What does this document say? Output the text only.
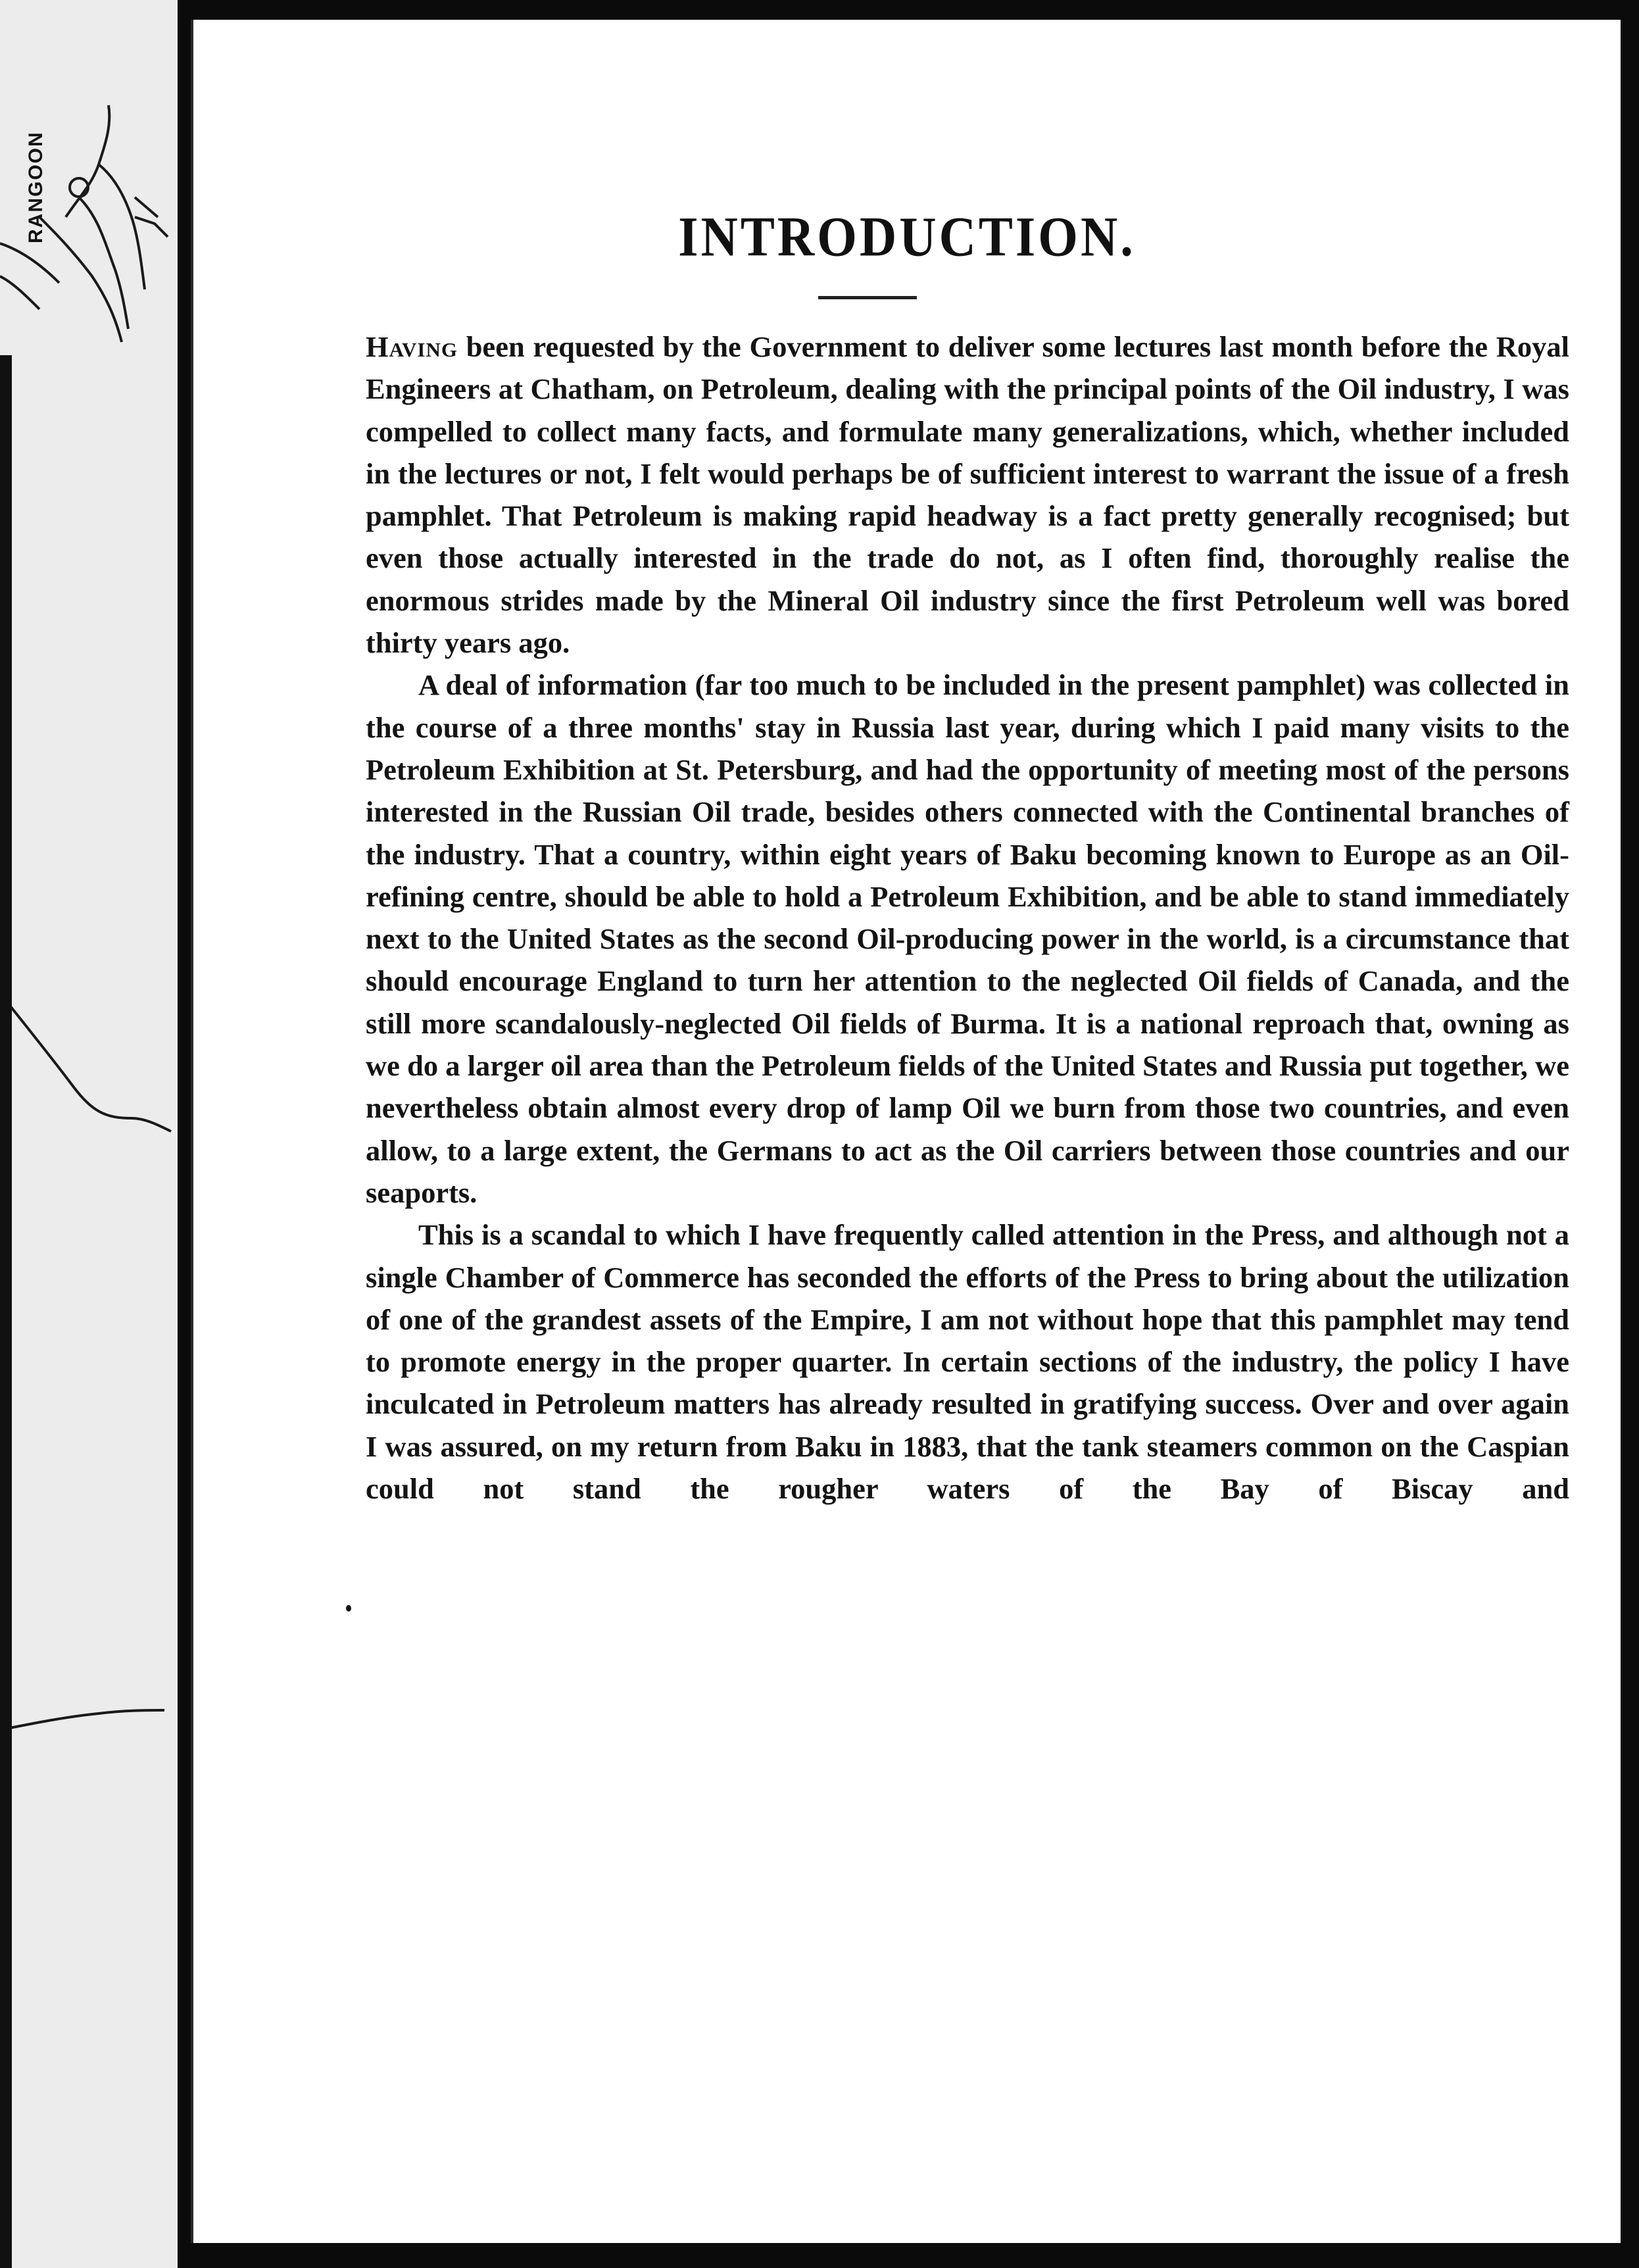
RANGOON	INTRODUCTION.

Having been requested by the Government to deliver some lectures last month before the Royal Engineers at Chatham, on Petroleum, dealing with the principal points of the Oil industry, I was compelled to collect many facts, and formulate many generalizations, which, whether included in the lectures or not, I felt would perhaps be of sufficient interest to warrant the issue of a fresh pamphlet. That Petroleum is making rapid headway is a fact pretty generally recognised; but even those actually interested in the trade do not, as I often find, thoroughly realise the enormous strides made by the Mineral Oil industry since the first Petroleum well was bored thirty years ago.

A deal of information (far too much to be included in the present pamphlet) was collected in the course of a three months' stay in Russia last year, during which I paid many visits to the Petroleum Exhibition at St. Petersburg, and had the opportunity of meeting most of the persons interested in the Russian Oil trade, besides others connected with the Continental branches of the industry. That a country, within eight years of Baku becoming known to Europe as an Oil-refining centre, should be able to hold a Petroleum Exhibition, and be able to stand immediately next to the United States as the second Oil-producing power in the world, is a circumstance that should encourage England to turn her attention to the neglected Oil fields of Canada, and the still more scandalously-neglected Oil fields of Burma. It is a national reproach that, owning as we do a larger oil area than the Petroleum fields of the United States and Russia put together, we nevertheless obtain almost every drop of lamp Oil we burn from those two countries, and even allow, to a large extent, the Germans to act as the Oil carriers between those countries and our seaports.

This is a scandal to which I have frequently called attention in the Press, and although not a single Chamber of Commerce has seconded the efforts of the Press to bring about the utilization of one of the grandest assets of the Empire, I am not without hope that this pamphlet may tend to promote energy in the proper quarter. In certain sections of the industry, the policy I have inculcated in Petroleum matters has already resulted in gratifying success. Over and over again I was assured, on my return from Baku in 1883, that the tank steamers common on the Caspian could not stand the rougher waters of the Bay of Biscay and
